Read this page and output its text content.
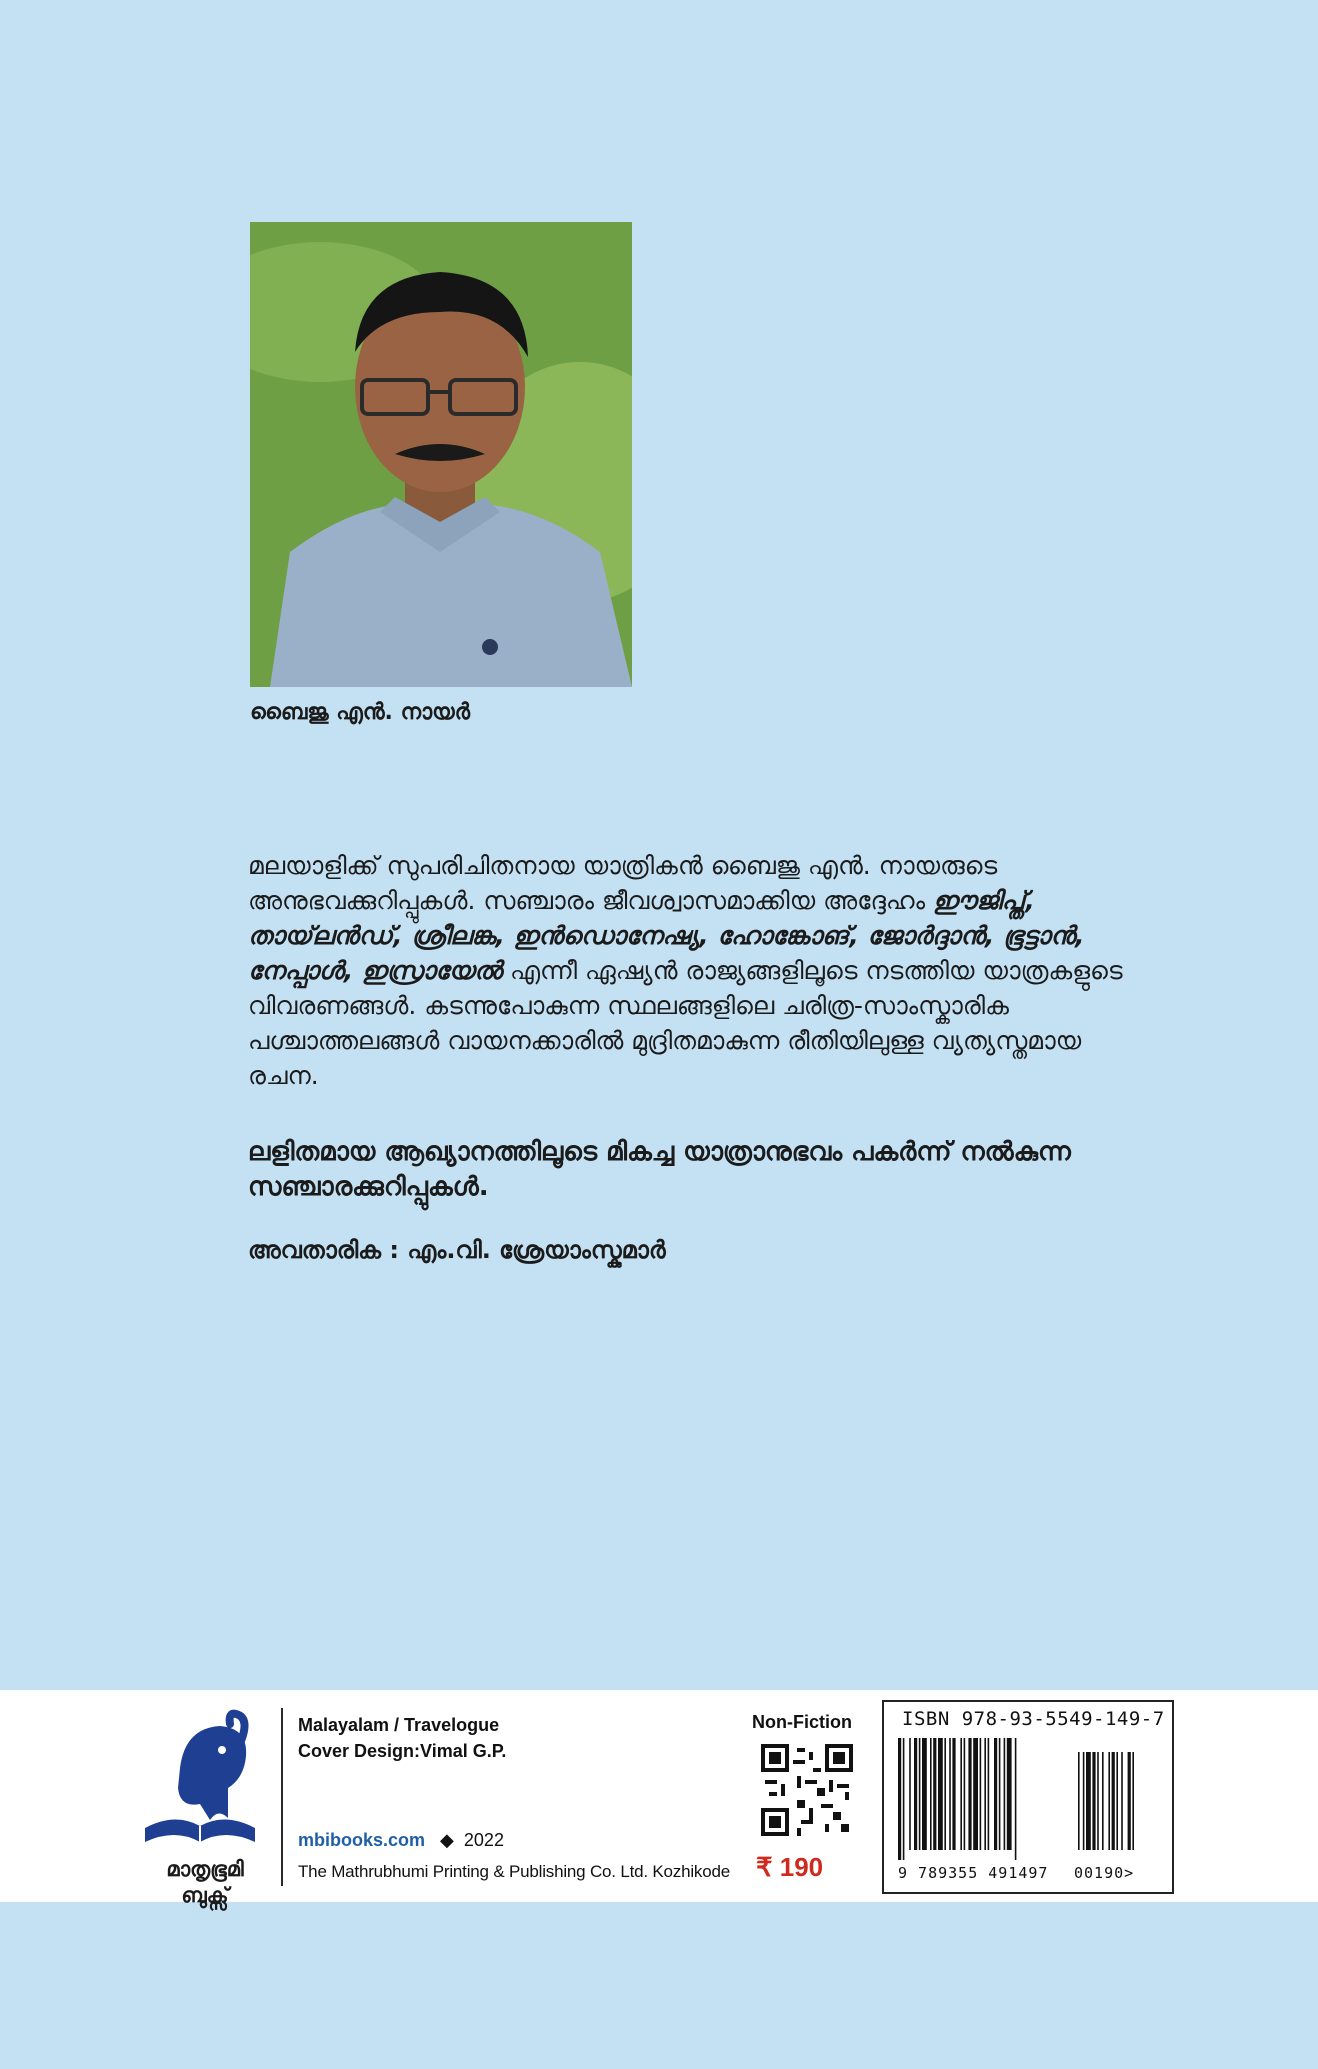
ബൈജു എൻ. നായർ

മലയാളിക്ക് സുപരിചിതനായ യാത്രികൻ ബൈജു എൻ. നായരുടെ അനുഭവക്കുറിപ്പുകൾ. സഞ്ചാരം ജീവശ്വാസമാക്കിയ അദ്ദേഹം ഈജിപ്ത്, തായ്‌ലൻഡ്, ശ്രീലങ്ക, ഇൻഡൊനേഷ്യ, ഹോങ്കോങ്, ജോർദ്ദാൻ, ഭൂട്ടാൻ, നേപ്പാൾ, ഇസ്രായേൽ എന്നീ ഏഷ്യൻ രാജ്യങ്ങളിലൂടെ നടത്തിയ യാത്രകളുടെ വിവരണങ്ങൾ. കടന്നുപോകുന്ന സ്ഥലങ്ങളിലെ ചരിത്ര-സാംസ്കാരിക പശ്ചാത്തലങ്ങൾ വായനക്കാരിൽ മുദ്രിതമാകുന്ന രീതിയിലുള്ള വ്യത്യസ്തമായ രചന.

ലളിതമായ ആഖ്യാനത്തിലൂടെ മികച്ച യാത്രാനുഭവം പകർന്ന് നൽകുന്ന സഞ്ചാരക്കുറിപ്പുകൾ.

അവതാരിക : എം.വി. ശ്രേയാംസ്കുമാർ

മാതൃഭൂമി
ബുക്സ്
Malayalam / Travelogue
Cover Design:Vimal G.P.
mbibooks.com ◆ 2022
The Mathrubhumi Printing & Publishing Co. Ltd. Kozhikode
Non-Fiction
₹ 190
ISBN 978-93-5549-149-7
9 789355 491497 00190>
